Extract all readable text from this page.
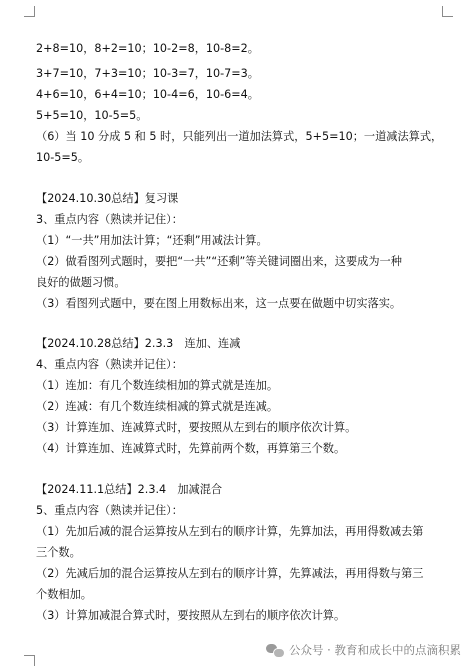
2+8=10，8+2=10；10-2=8，10-8=2。
3+7=10，7+3=10；10-3=7，10-7=3。
4+6=10，6+4=10；10-4=6，10-6=4。
5+5=10，10-5=5。
（6）当 10 分成 5 和 5 时，只能列出一道加法算式，5+5=10；一道减法算式，
10-5=5。
【2024.10.30总结】复习课
3、重点内容（熟读并记住）：
（1）“一共”用加法计算；“还剩”用减法计算。
（2）做看图列式题时，要把“一共”“还剩”等关键词圈出来，这要成为一种
良好的做题习惯。
（3）看图列式题中，要在图上用数标出来，这一点要在做题中切实落实。
【2024.10.28总结】2.3.3　连加、连减
4、重点内容（熟读并记住）：
（1）连加：有几个数连续相加的算式就是连加。
（2）连减：有几个数连续相减的算式就是连减。
（3）计算连加、连减算式时，要按照从左到右的顺序依次计算。
（4）计算连加、连减算式时，先算前两个数，再算第三个数。
【2024.11.1总结】2.3.4　加减混合
5、重点内容（熟读并记住）：
（1）先加后减的混合运算按从左到右的顺序计算，先算加法，再用得数减去第
三个数。
（2）先减后加的混合运算按从左到右的顺序计算，先算减法，再用得数与第三
个数相加。
（3）计算加减混合算式时，要按照从左到右的顺序依次计算。
公众号 · 教育和成长中的点滴积累
